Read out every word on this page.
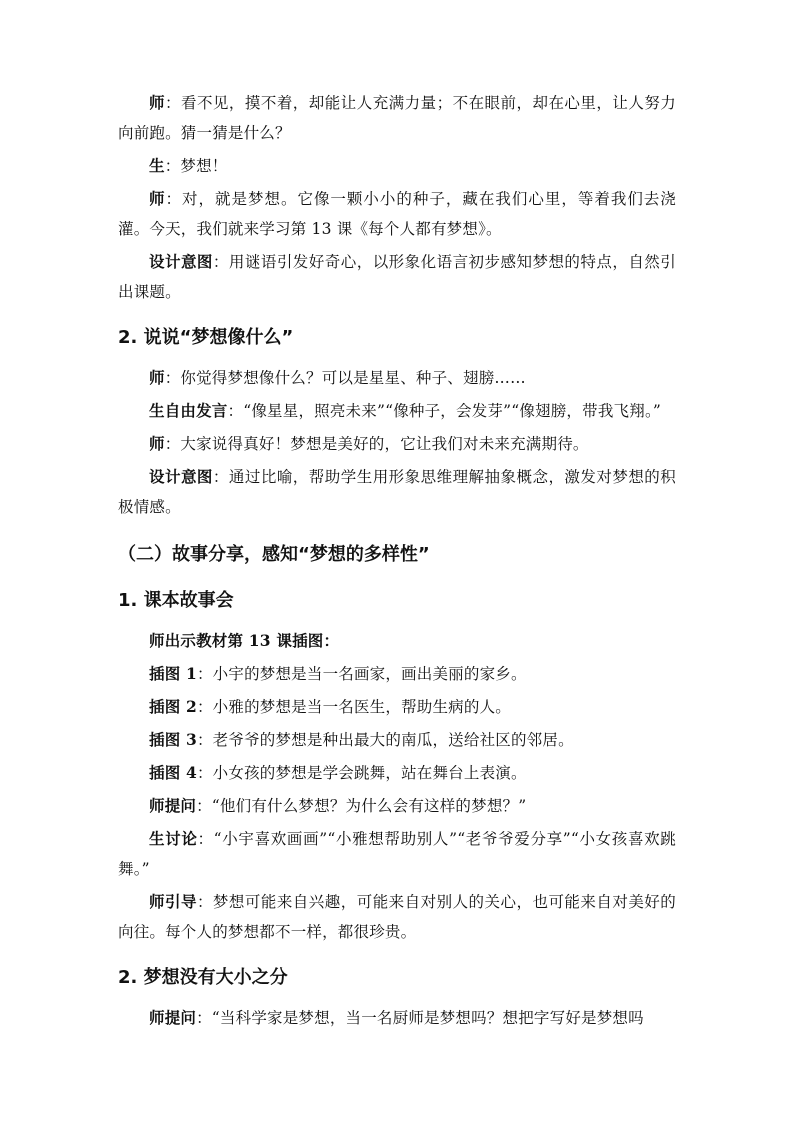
师：看不见，摸不着，却能让人充满力量；不在眼前，却在心里，让人努力向前跑。猜一猜是什么？

生：梦想！

师：对，就是梦想。它像一颗小小的种子，藏在我们心里，等着我们去浇灌。今天，我们就来学习第 13 课《每个人都有梦想》。

设计意图：用谜语引发好奇心，以形象化语言初步感知梦想的特点，自然引出课题。

2. 说说“梦想像什么”

师：你觉得梦想像什么？可以是星星、种子、翅膀……

生自由发言：“像星星，照亮未来”“像种子，会发芽”“像翅膀，带我飞翔。”

师：大家说得真好！梦想是美好的，它让我们对未来充满期待。

设计意图：通过比喻，帮助学生用形象思维理解抽象概念，激发对梦想的积极情感。

（二）故事分享，感知“梦想的多样性”
1. 课本故事会

师出示教材第 13 课插图：

插图 1：小宇的梦想是当一名画家，画出美丽的家乡。

插图 2：小雅的梦想是当一名医生，帮助生病的人。

插图 3：老爷爷的梦想是种出最大的南瓜，送给社区的邻居。

插图 4：小女孩的梦想是学会跳舞，站在舞台上表演。

师提问：“他们有什么梦想？为什么会有这样的梦想？”

生讨论：“小宇喜欢画画”“小雅想帮助别人”“老爷爷爱分享”“小女孩喜欢跳舞。”

师引导：梦想可能来自兴趣，可能来自对别人的关心，也可能来自对美好的向往。每个人的梦想都不一样，都很珍贵。

2. 梦想没有大小之分

师提问：“当科学家是梦想，当一名厨师是梦想吗？想把字写好是梦想吗
